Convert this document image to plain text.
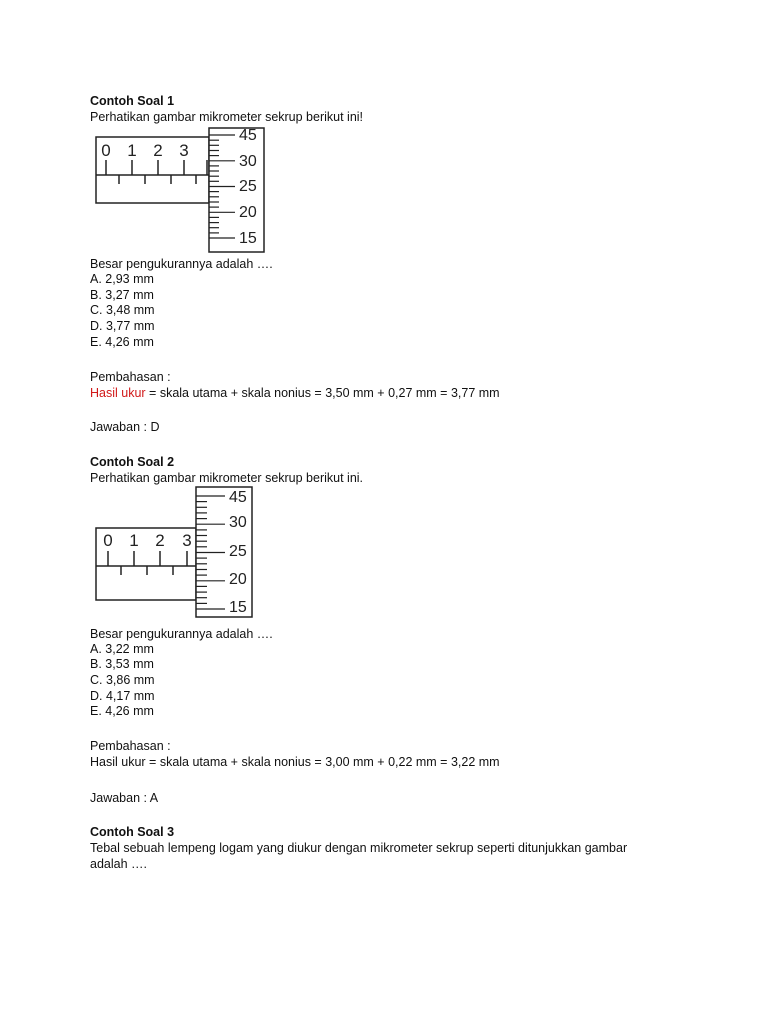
Contoh Soal 1
Perhatikan gambar mikrometer sekrup berikut ini!
0 1 2 3
45
30
25
20
15
Besar pengukurannya adalah ….
A. 2,93 mm
B. 3,27 mm
C. 3,48 mm
D. 3,77 mm
E. 4,26 mm
Pembahasan :
Hasil ukur = skala utama + skala nonius = 3,50 mm + 0,27 mm = 3,77 mm
Jawaban : D
Contoh Soal 2
Perhatikan gambar mikrometer sekrup berikut ini.
0 1 2 3
45
30
25
20
15
Besar pengukurannya adalah ….
A. 3,22 mm
B. 3,53 mm
C. 3,86 mm
D. 4,17 mm
E. 4,26 mm
Pembahasan :
Hasil ukur = skala utama + skala nonius = 3,00 mm + 0,22 mm = 3,22 mm
Jawaban : A
Contoh Soal 3
Tebal sebuah lempeng logam yang diukur dengan mikrometer sekrup seperti ditunjukkan gambar
adalah ….
